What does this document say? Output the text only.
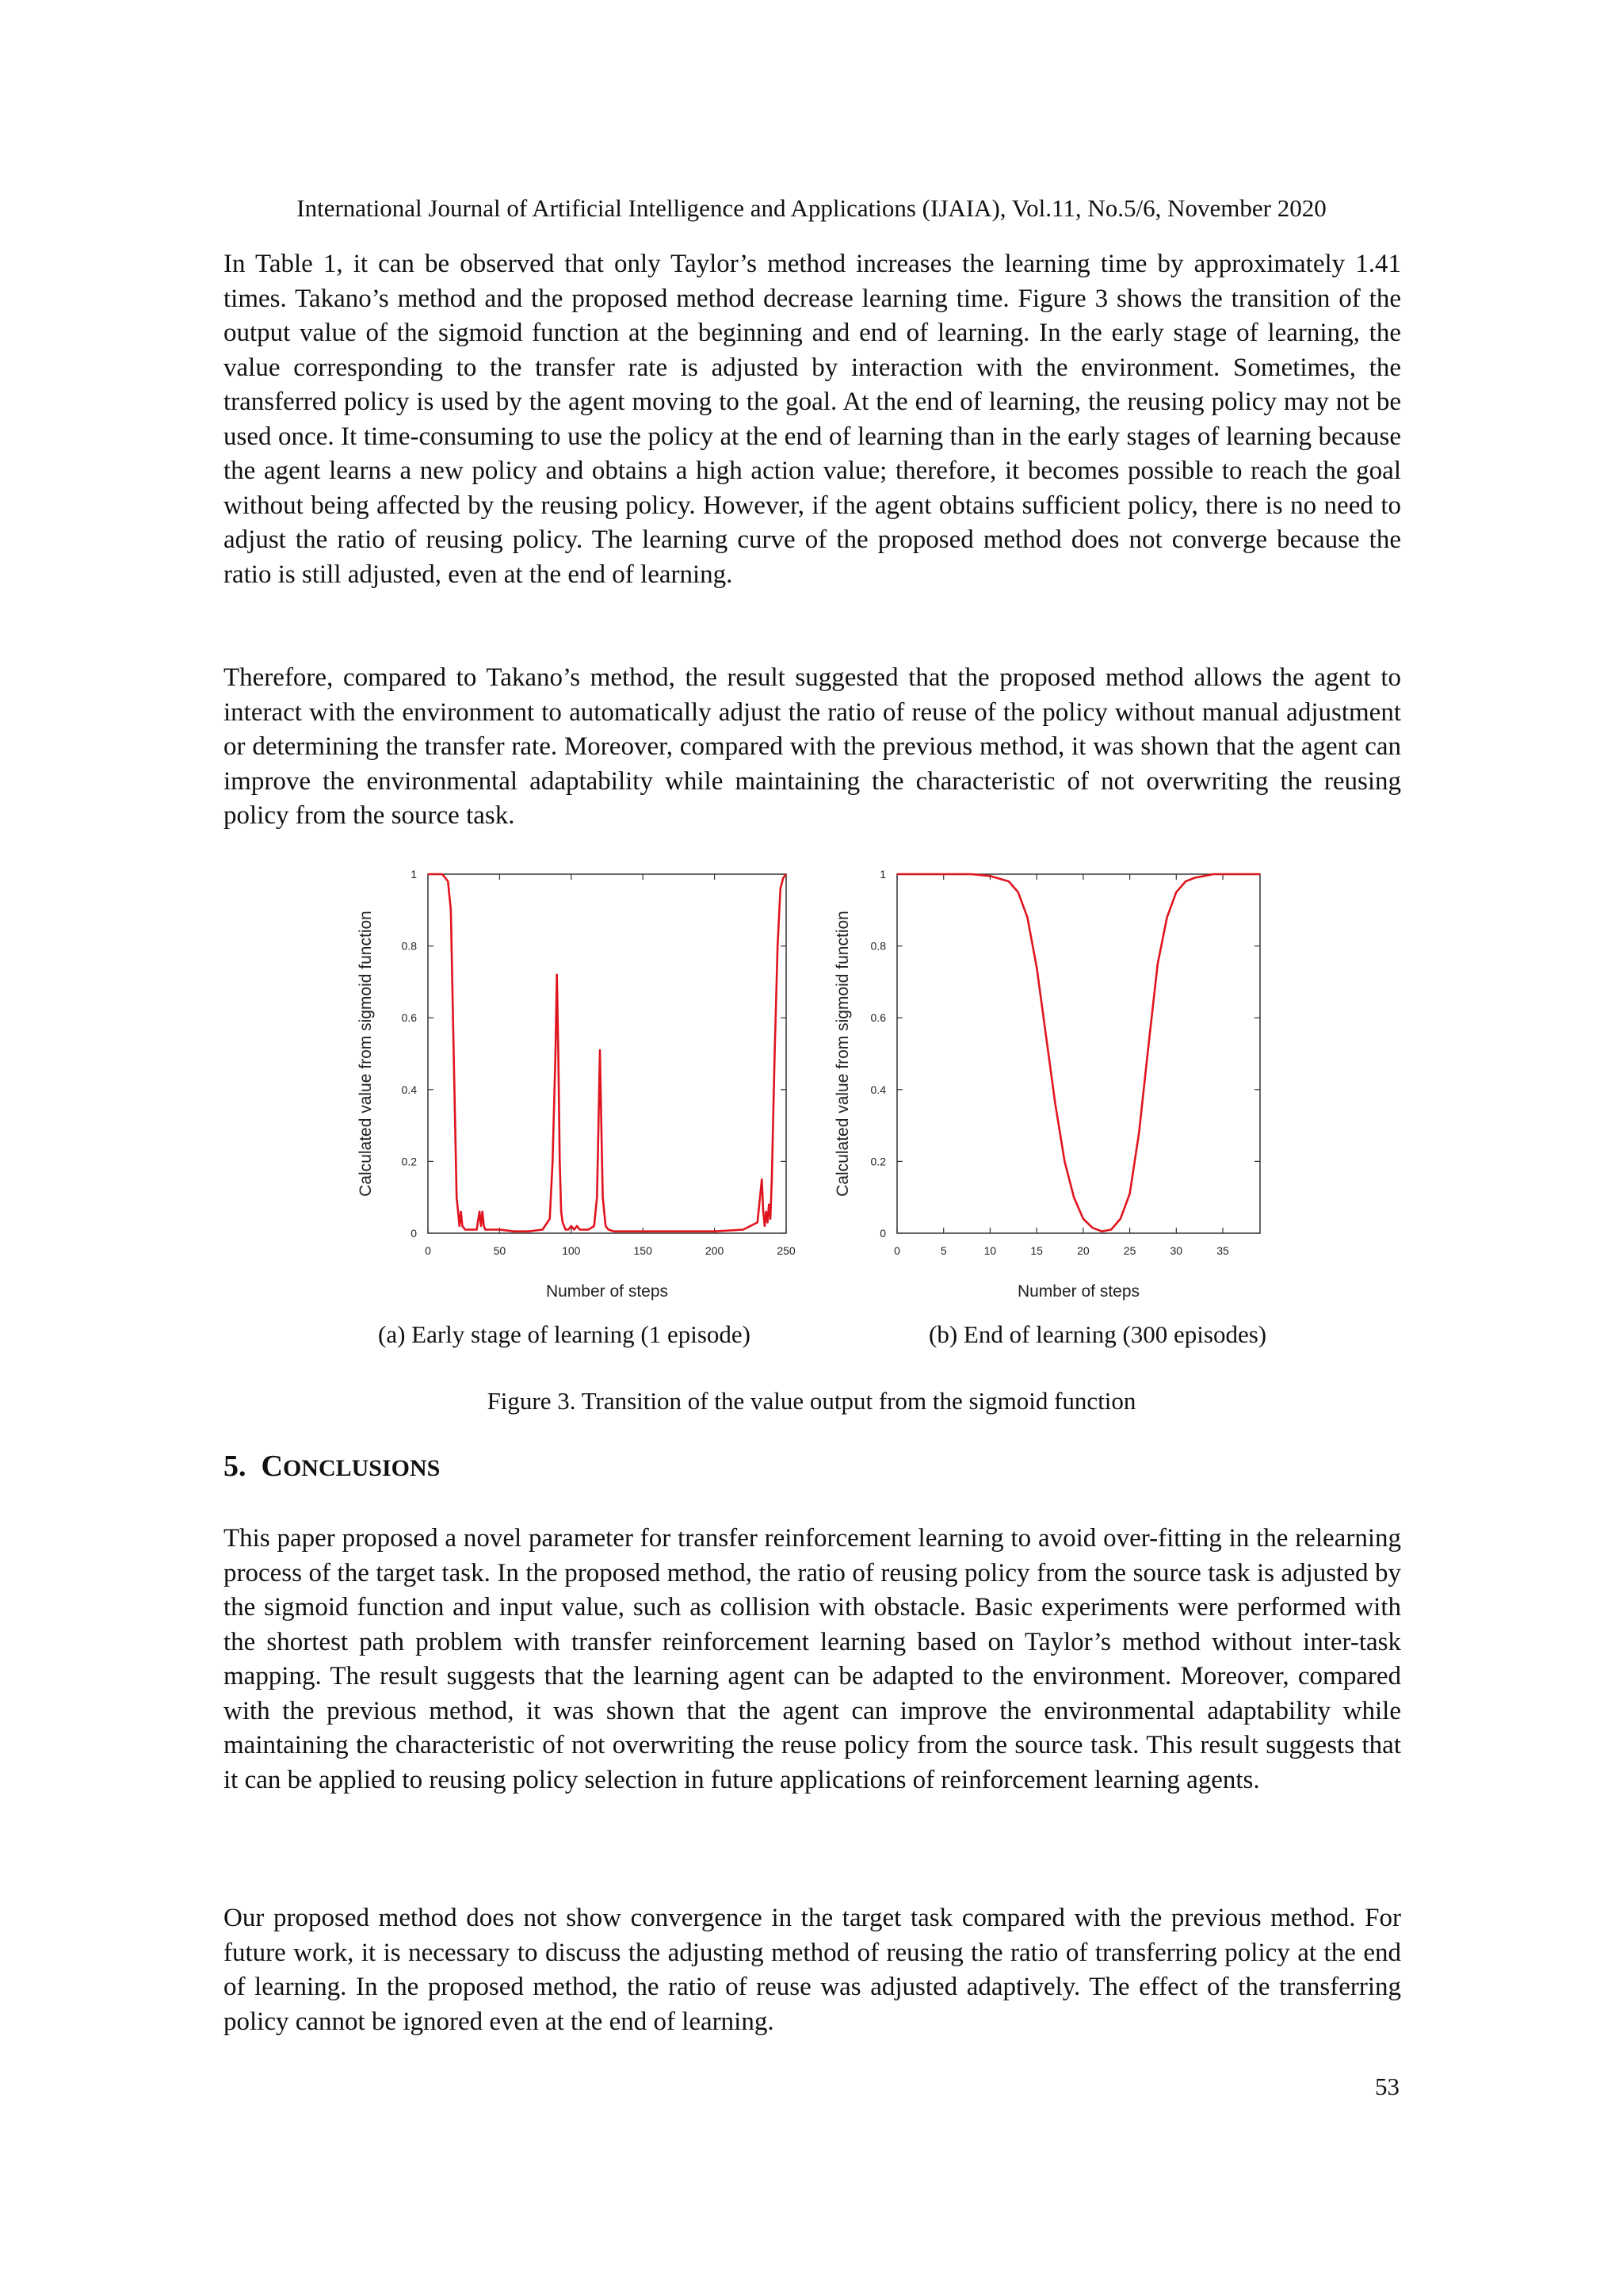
International Journal of Artificial Intelligence and Applications (IJAIA), Vol.11, No.5/6, November 2020

In Table 1, it can be observed that only Taylor’s method increases the learning time by approximately 1.41 times. Takano’s method and the proposed method decrease learning time. Figure 3 shows the transition of the output value of the sigmoid function at the beginning and end of learning. In the early stage of learning, the value corresponding to the transfer rate is adjusted by interaction with the environment. Sometimes, the transferred policy is used by the agent moving to the goal. At the end of learning, the reusing policy may not be used once. It time-consuming to use the policy at the end of learning than in the early stages of learning because the agent learns a new policy and obtains a high action value; therefore, it becomes possible to reach the goal without being affected by the reusing policy. However, if the agent obtains sufficient policy, there is no need to adjust the ratio of reusing policy. The learning curve of the proposed method does not converge because the ratio is still adjusted, even at the end of learning.

Therefore, compared to Takano’s method, the result suggested that the proposed method allows the agent to interact with the environment to automatically adjust the ratio of reuse of the policy without manual adjustment or determining the transfer rate. Moreover, compared with the previous method, it was shown that the agent can improve the environmental adaptability while maintaining the characteristic of not overwriting the reusing policy from the source task.

0	50	100	150	200	250
0
0.2
0.4
0.6
0.8
1
Number of steps
Calculated value from sigmoid function
0	5	10	15	20	25	30	35
0
0.2
0.4
0.6
0.8
1
Number of steps
Calculated value from sigmoid function
(a) Early stage of learning (1 episode)	(b) End of learning (300 episodes)
Figure 3. Transition of the value output from the sigmoid function
5. CONCLUSIONS

This paper proposed a novel parameter for transfer reinforcement learning to avoid over-fitting in the relearning process of the target task. In the proposed method, the ratio of reusing policy from the source task is adjusted by the sigmoid function and input value, such as collision with obstacle. Basic experiments were performed with the shortest path problem with transfer reinforcement learning based on Taylor’s method without inter-task mapping. The result suggests that the learning agent can be adapted to the environment. Moreover, compared with the previous method, it was shown that the agent can improve the environmental adaptability while maintaining the characteristic of not overwriting the reuse policy from the source task. This result suggests that it can be applied to reusing policy selection in future applications of reinforcement learning agents.

Our proposed method does not show convergence in the target task compared with the previous method. For future work, it is necessary to discuss the adjusting method of reusing the ratio of transferring policy at the end of learning. In the proposed method, the ratio of reuse was adjusted adaptively. The effect of the transferring policy cannot be ignored even at the end of learning.

53
